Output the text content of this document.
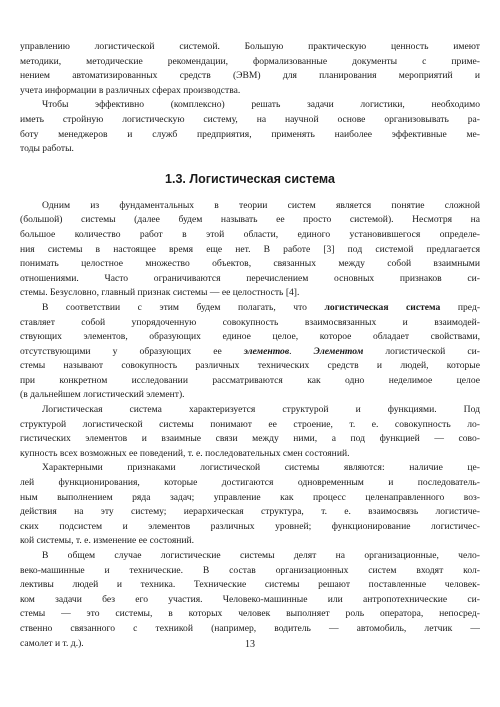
управлению логистической системой. Большую практическую ценность имеют
методики, методические рекомендации, формализованные документы с приме-
нением автоматизированных средств (ЭВМ) для планирования мероприятий и
учета информации в различных сферах производства.
Чтобы эффективно (комплексно) решать задачи логистики, необходимо
иметь стройную логистическую систему, на научной основе организовывать ра-
боту менеджеров и служб предприятия, применять наиболее эффективные ме-
тоды работы.
1.3. Логистическая система
Одним из фундаментальных в теории систем является понятие сложной
(большой) системы (далее будем называть ее просто системой). Несмотря на
большое количество работ в этой области, единого установившегося определе-
ния системы в настоящее время еще нет. В работе [3] под системой предлагается
понимать целостное множество объектов, связанных между собой взаимными
отношениями. Часто ограничиваются перечислением основных признаков си-
стемы. Безусловно, главный признак системы — ее целостность [4].
В соответствии с этим будем полагать, что логистическая система пред-
ставляет собой упорядоченную совокупность взаимосвязанных и взаимодей-
ствующих элементов, образующих единое целое, которое обладает свойствами,
отсутствующими у образующих ее элементов. Элементом логистической си-
стемы называют совокупность различных технических средств и людей, которые
при конкретном исследовании рассматриваются как одно неделимое целое
(в дальнейшем логистический элемент).
Логистическая система характеризуется структурой и функциями. Под
структурой логистической системы понимают ее строение, т. е. совокупность ло-
гистических элементов и взаимные связи между ними, а под функцией — сово-
купность всех возможных ее поведений, т. е. последовательных смен состояний.
Характерными признаками логистической системы являются: наличие це-
лей функционирования, которые достигаются одновременным и последователь-
ным выполнением ряда задач; управление как процесс целенаправленного воз-
действия на эту систему; иерархическая структура, т. е. взаимосвязь логистиче-
ских подсистем и элементов различных уровней; функционирование логистичес-
кой системы, т. е. изменение ее состояний.
В общем случае логистические системы делят на организационные, чело-
веко-машинные и технические. В состав организационных систем входят кол-
лективы людей и техника. Технические системы решают поставленные человек-
ком задачи без его участия. Человеко-машинные или антропотехнические си-
стемы — это системы, в которых человек выполняет роль оператора, непосред-
ственно связанного с техникой (например, водитель — автомобиль, летчик —
самолет и т. д.).	13
